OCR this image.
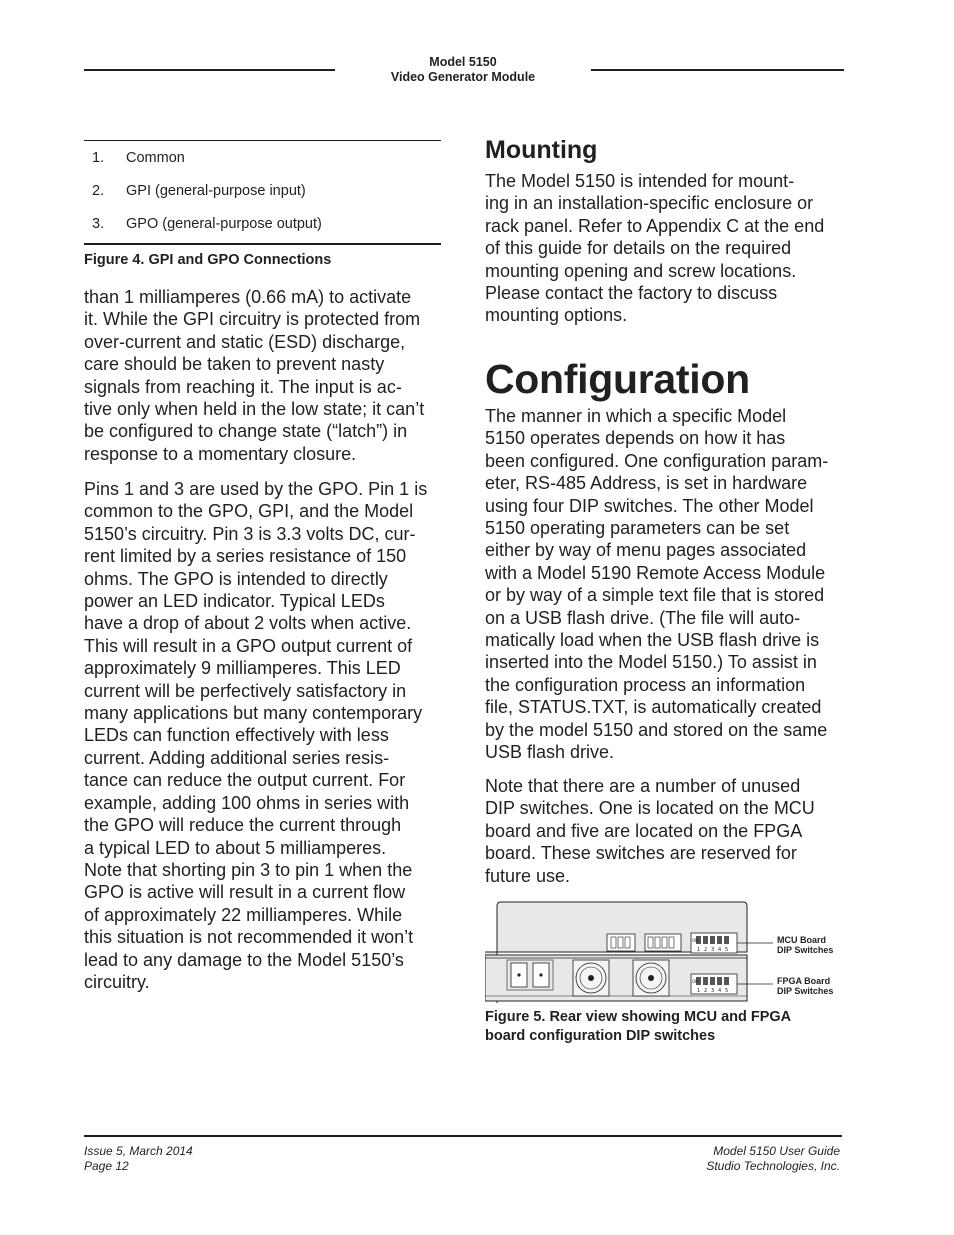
Model 5150
Video Generator Module
1.	Common
2.	GPI (general-purpose input)
3.	GPO (general-purpose output)
Figure 4. GPI and GPO Connections

than 1 milliamperes (0.66 mA) to activate

it. While the GPI circuitry is protected from

over-current and static (ESD) discharge,

care should be taken to prevent nasty

signals from reaching it. The input is ac-

tive only when held in the low state; it can’t

be configured to change state (“latch”) in

response to a momentary closure.

Pins 1 and 3 are used by the GPO. Pin 1 is

common to the GPO, GPI, and the Model

5150’s circuitry. Pin 3 is 3.3 volts DC, cur-

rent limited by a series resistance of 150

ohms. The GPO is intended to directly

power an LED indicator. Typical LEDs

have a drop of about 2 volts when active.

This will result in a GPO output current of

approximately 9 milliamperes. This LED

current will be perfectively satisfactory in

many applications but many contemporary

LEDs can function effectively with less

current. Adding additional series resis-

tance can reduce the output current. For

example, adding 100 ohms in series with

the GPO will reduce the current through

a typical LED to about 5 milliamperes.

Note that shorting pin 3 to pin 1 when the

GPO is active will result in a current flow

of approximately 22 milliamperes. While

this situation is not recommended it won’t

lead to any damage to the Model 5150’s

circuitry.

Mounting

The Model 5150 is intended for mount-

ing in an installation-specific enclosure or

rack panel. Refer to Appendix C at the end

of this guide for details on the required

mounting opening and screw locations.

Please contact the factory to discuss

mounting options.

Configuration

The manner in which a specific Model

5150 operates depends on how it has

been configured. One configuration param-

eter, RS-485 Address, is set in hardware

using four DIP switches. The other Model

5150 operating parameters can be set

either by way of menu pages associated

with a Model 5190 Remote Access Module

or by way of a simple text file that is stored

on a USB flash drive. (The file will auto-

matically load when the USB flash drive is

inserted into the Model 5150.) To assist in

the configuration process an information

file, STATUS.TXT, is automatically created

by the model 5150 and stored on the same

USB flash drive.

Note that there are a number of unused

DIP switches. One is located on the MCU

board and five are located on the FPGA

board. These switches are reserved for

future use.

ON
1 2 3 4 5
ON
1 2 3 4 5
MCU Board
DIP Switches
FPGA Board
DIP Switches
Figure 5. Rear view showing MCU and FPGA
board configuration DIP switches
Issue 5, March 2014
Page 12
Model 5150 User Guide
Studio Technologies, Inc.
